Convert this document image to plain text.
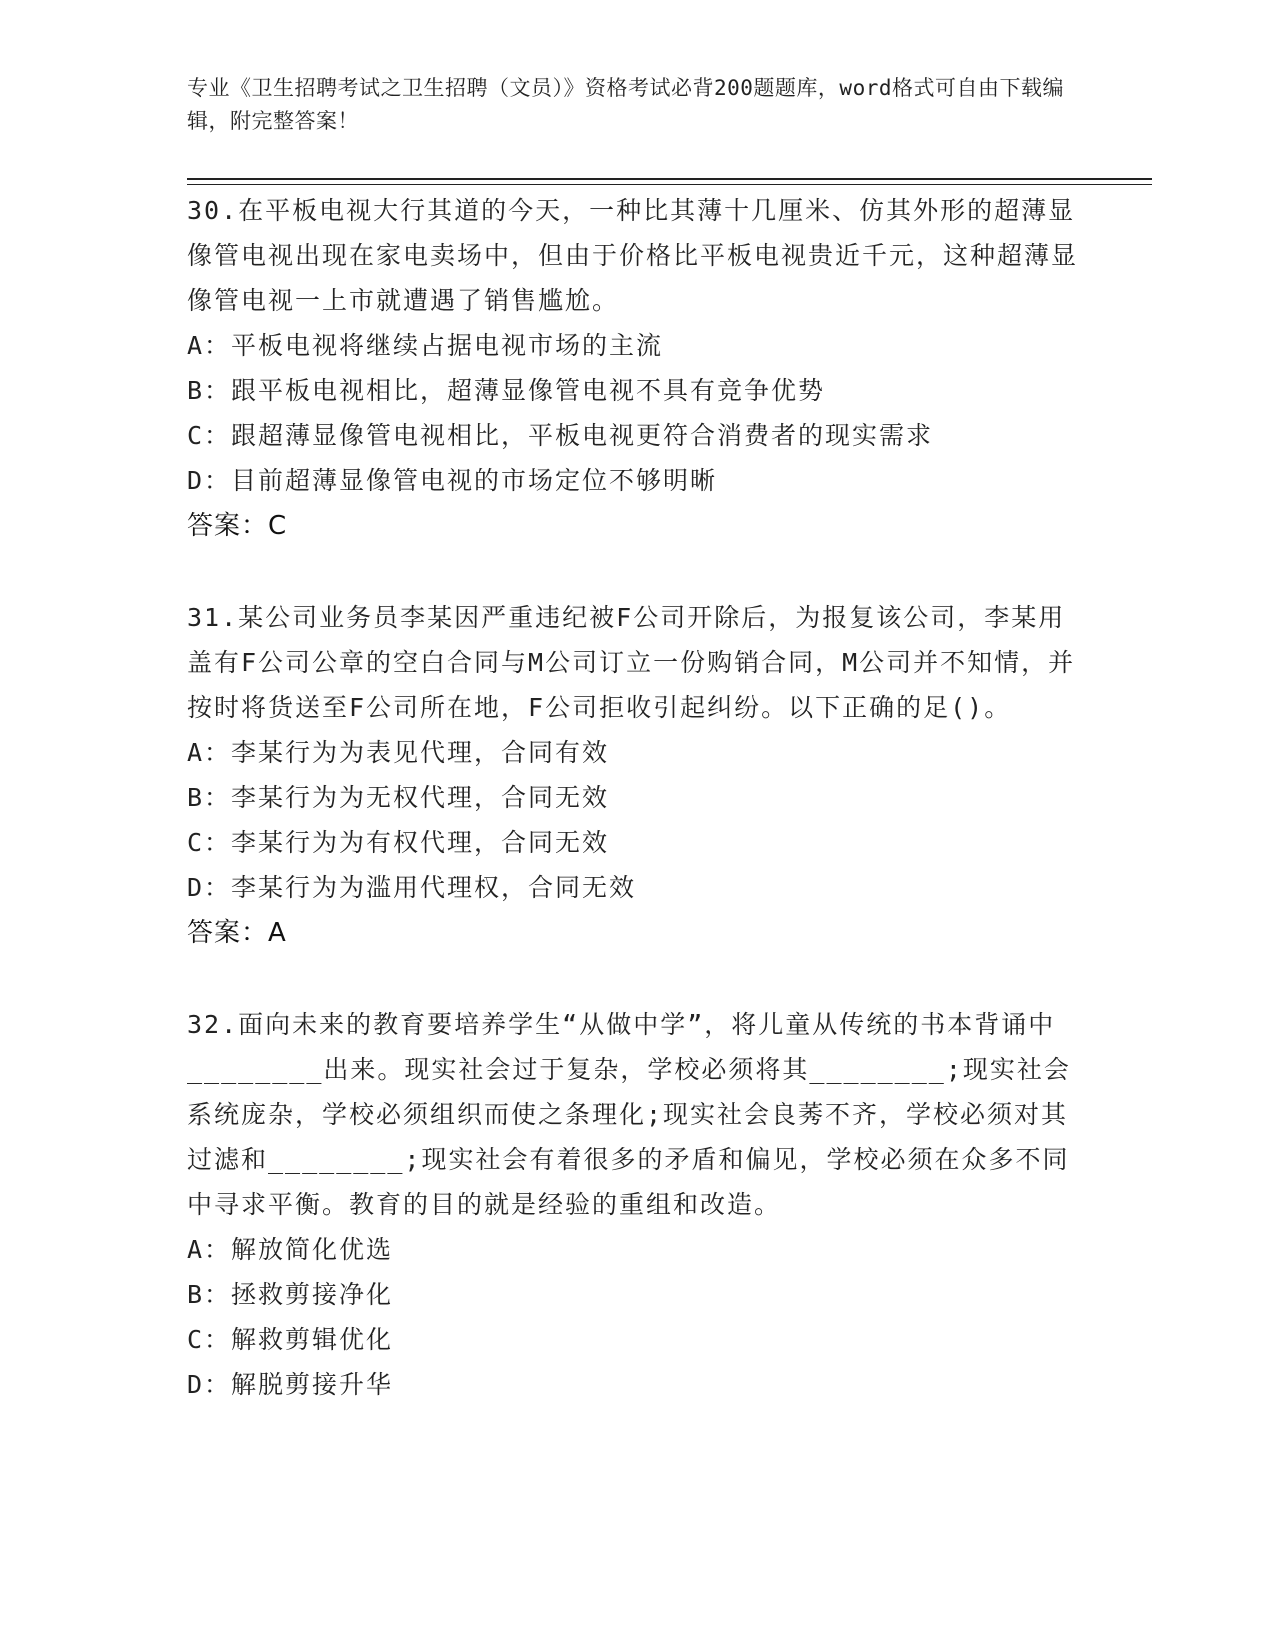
专业《卫生招聘考试之卫生招聘（文员）》资格考试必背200题题库，word格式可自由下载编辑，附完整答案！
30.在平板电视大行其道的今天，一种比其薄十几厘米、仿其外形的超薄显像管电视出现在家电卖场中，但由于价格比平板电视贵近千元，这种超薄显像管电视一上市就遭遇了销售尴尬。
A：平板电视将继续占据电视市场的主流
B：跟平板电视相比，超薄显像管电视不具有竞争优势
C：跟超薄显像管电视相比，平板电视更符合消费者的现实需求
D：目前超薄显像管电视的市场定位不够明晰
答案：C
31.某公司业务员李某因严重违纪被F公司开除后，为报复该公司，李某用盖有F公司公章的空白合同与M公司订立一份购销合同，M公司并不知情，并按时将货送至F公司所在地，F公司拒收引起纠纷。以下正确的足()。
A：李某行为为表见代理，合同有效
B：李某行为为无权代理，合同无效
C：李某行为为有权代理，合同无效
D：李某行为为滥用代理权，合同无效
答案：A
32.面向未来的教育要培养学生“从做中学”，将儿童从传统的书本背诵中________出来。现实社会过于复杂，学校必须将其________;现实社会系统庞杂，学校必须组织而使之条理化;现实社会良莠不齐，学校必须对其过滤和________;现实社会有着很多的矛盾和偏见，学校必须在众多不同中寻求平衡。教育的目的就是经验的重组和改造。
A：解放简化优选
B：拯救剪接净化
C：解救剪辑优化
D：解脱剪接升华
